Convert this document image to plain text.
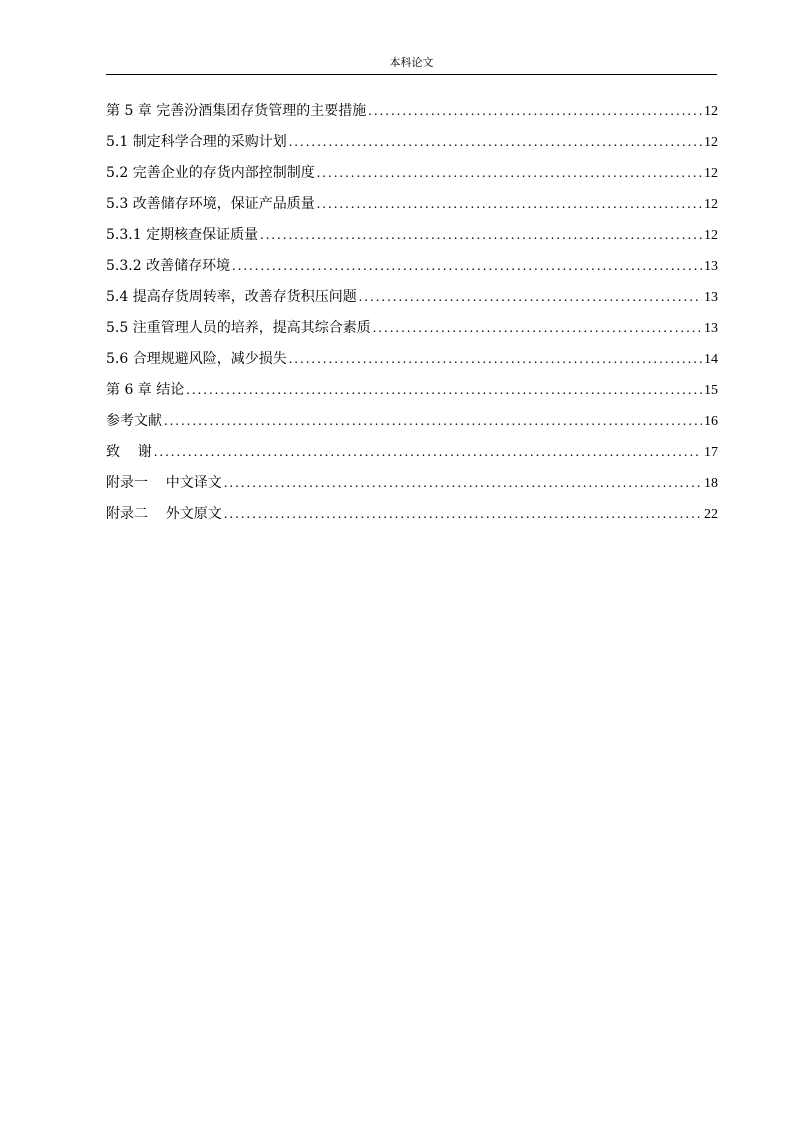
本科论文
第 5 章 完善汾酒集团存货管理的主要措施 .....	12
5.1 制定科学合理的采购计划 .....	12
5.2 完善企业的存货内部控制制度 .....	12
5.3 改善储存环境，保证产品质量 .....	12
5.3.1 定期核查保证质量 .....	12
5.3.2 改善储存环境 .....	13
5.4 提高存货周转率，改善存货积压问题 .....	13
5.5 注重管理人员的培养，提高其综合素质 .....	13
5.6 合理规避风险，减少损失 .....	14
第 6 章 结论 .....	15
参考文献 .....	16
致    谢 .....	17
附录一    中文译文 .....	18
附录二    外文原文 .....	22
